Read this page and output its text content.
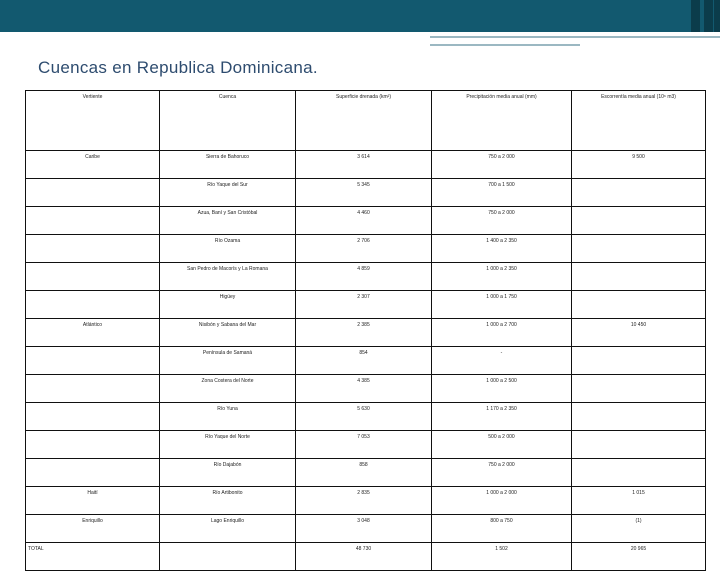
Cuencas en Republica Dominicana.
Vertiente	Cuenca	Superficie drenada (km²)	Precipitación media anual (mm)	Escorrentía media anual (10⁶ m3)
Caribe	Sierra de Bahoruco	3 614	750 a 2 000	9 500
	Río Yaque del Sur	5 345	700 a 1 500	
	Azua, Baní y San Cristóbal	4 460	750 a 2 000	
	Río Ozama	2 706	1 400 a 2 350	
	San Pedro de Macorís y La Romana	4 859	1 000 a 2 350	
	Higüey	2 307	1 000 a 1 750	
Atlántico	Nisibón y Sabana del Mar	2 385	1 000 a 2 700	10 450
	Península de Samaná	854	-	
	Zona Costera del Norte	4 385	1 000 a 2 500	
	Río Yuna	5 630	1 170 a 2 350	
	Río Yaque del Norte	7 053	500 a 2 000	
	Río Dajabón	858	750 a 2 000	
Haití	Río Artibonito	2 835	1 000 a 2 000	1 015
Enriquillo	Lago Enriquillo	3 048	800 a 750	(1)
TOTAL		48 730	1 502	20 965
